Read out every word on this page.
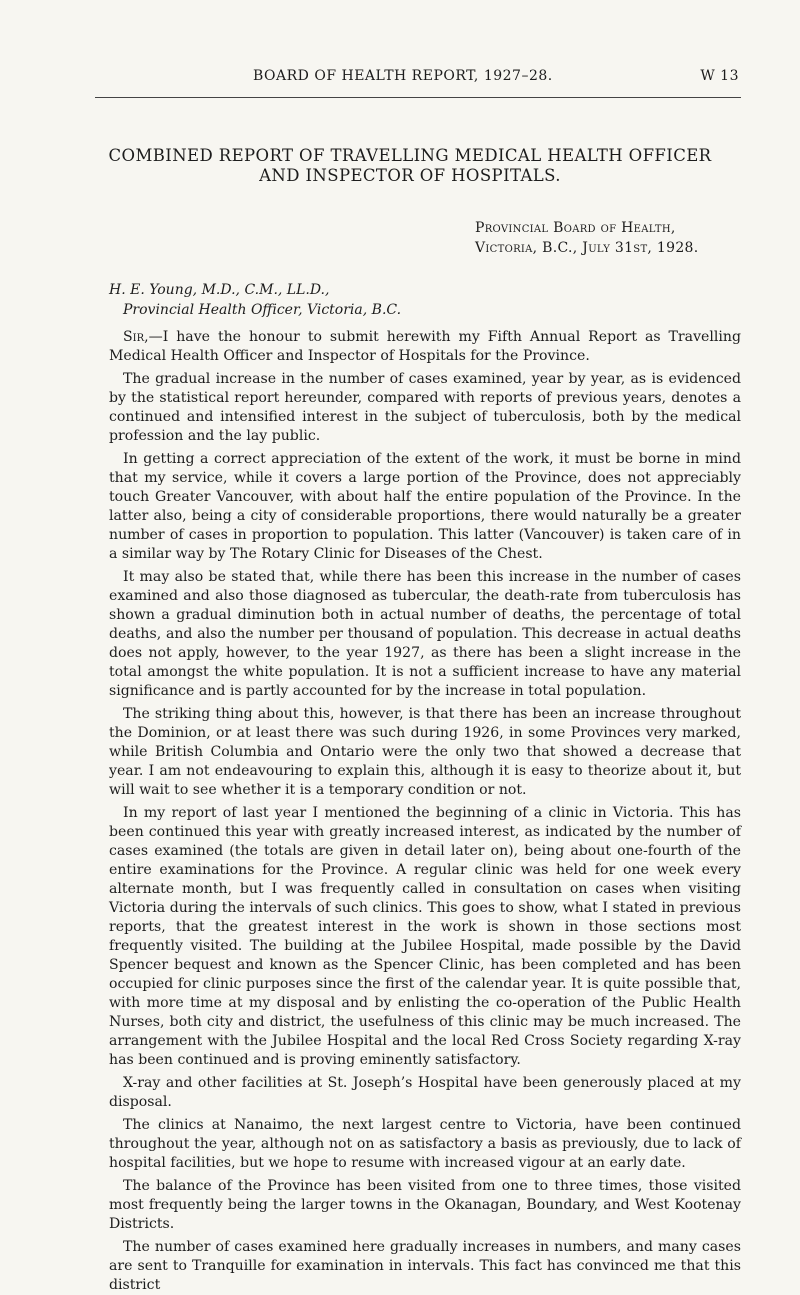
BOARD OF HEALTH REPORT, 1927–28.	W 13
COMBINED REPORT OF TRAVELLING MEDICAL HEALTH OFFICER
AND INSPECTOR OF HOSPITALS.
Provincial Board of Health,
Victoria, B.C., July 31st, 1928.
H. E. Young, M.D., C.M., LL.D.,
Provincial Health Officer, Victoria, B.C.

Sir,—I have the honour to submit herewith my Fifth Annual Report as Travelling Medical Health Officer and Inspector of Hospitals for the Province.

The gradual increase in the number of cases examined, year by year, as is evidenced by the statistical report hereunder, compared with reports of previous years, denotes a continued and intensified interest in the subject of tuberculosis, both by the medical profession and the lay public.

In getting a correct appreciation of the extent of the work, it must be borne in mind that my service, while it covers a large portion of the Province, does not appreciably touch Greater Vancouver, with about half the entire population of the Province. In the latter also, being a city of considerable proportions, there would naturally be a greater number of cases in proportion to population. This latter (Vancouver) is taken care of in a similar way by The Rotary Clinic for Diseases of the Chest.

It may also be stated that, while there has been this increase in the number of cases examined and also those diagnosed as tubercular, the death-rate from tuberculosis has shown a gradual diminution both in actual number of deaths, the percentage of total deaths, and also the number per thousand of population. This decrease in actual deaths does not apply, however, to the year 1927, as there has been a slight increase in the total amongst the white population. It is not a sufficient increase to have any material significance and is partly accounted for by the increase in total population.

The striking thing about this, however, is that there has been an increase throughout the Dominion, or at least there was such during 1926, in some Provinces very marked, while British Columbia and Ontario were the only two that showed a decrease that year. I am not endeavouring to explain this, although it is easy to theorize about it, but will wait to see whether it is a temporary condition or not.

In my report of last year I mentioned the beginning of a clinic in Victoria. This has been continued this year with greatly increased interest, as indicated by the number of cases examined (the totals are given in detail later on), being about one-fourth of the entire examinations for the Province. A regular clinic was held for one week every alternate month, but I was frequently called in consultation on cases when visiting Victoria during the intervals of such clinics. This goes to show, what I stated in previous reports, that the greatest interest in the work is shown in those sections most frequently visited. The building at the Jubilee Hospital, made possible by the David Spencer bequest and known as the Spencer Clinic, has been completed and has been occupied for clinic purposes since the first of the calendar year. It is quite possible that, with more time at my disposal and by enlisting the co-operation of the Public Health Nurses, both city and district, the usefulness of this clinic may be much increased. The arrangement with the Jubilee Hospital and the local Red Cross Society regarding X-ray has been continued and is proving eminently satisfactory.

X-ray and other facilities at St. Joseph’s Hospital have been generously placed at my disposal.

The clinics at Nanaimo, the next largest centre to Victoria, have been continued throughout the year, although not on as satisfactory a basis as previously, due to lack of hospital facilities, but we hope to resume with increased vigour at an early date.

The balance of the Province has been visited from one to three times, those visited most frequently being the larger towns in the Okanagan, Boundary, and West Kootenay Districts.

The number of cases examined here gradually increases in numbers, and many cases are sent to Tranquille for examination in intervals. This fact has convinced me that this district
